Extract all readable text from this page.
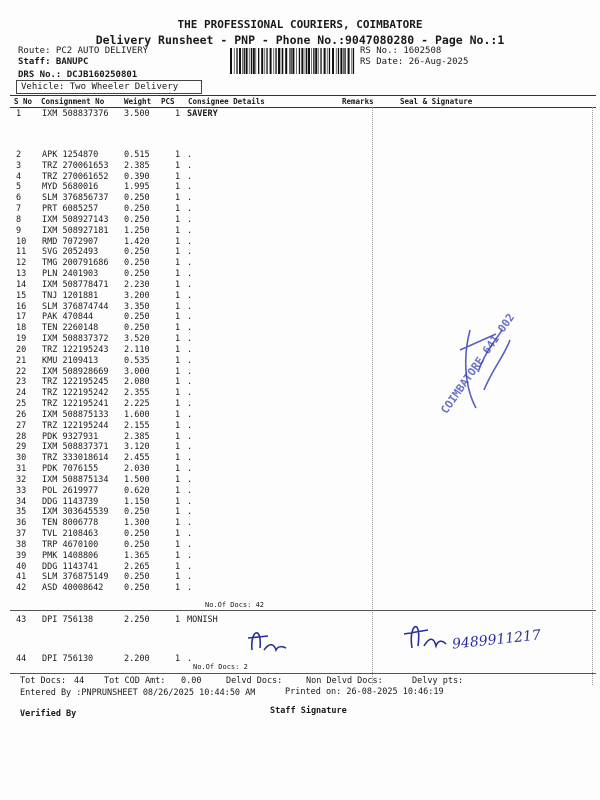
THE PROFESSIONAL COURIERS, COIMBATORE
Delivery Runsheet - PNP - Phone No.:9047080280 - Page No.:1
Route: PC2 AUTO DELIVERY
Staff: BANUPC
DRS No.: DCJB160250801
RS No.: 1602508
RS Date: 26-Aug-2025
Vehicle: Two Wheeler Delivery
S No Consignment No	Weight PCS Consignee Details	Remarks	Seal & Signature
1 IXM 508837376 3.500	1 SAVERY
2 APK 1254870	0.515	1 .
3 TRZ 270061653 2.385	1 .
4 TRZ 270061652 0.390	1 .
5 MYD 5680016	1.995	1 .
6 SLM 376856737 0.250	1 .
7 PRT 6085257	0.250	1 .
8 IXM 508927143 0.250	1 .
9 IXM 508927181 1.250	1 .
10 RMD 7072907	1.420	1 .
11 SVG 2052493	0.250	1 .
12 TMG 200791686 0.250	1 .
13 PLN 2401903	0.250	1 .
14 IXM 508778471 2.230	1 .
15 TNJ 1201881	3.200	1 .
16 SLM 376874744 3.350	1 .
17 PAK 470844	0.250	1 .
18 TEN 2260148	0.250	1 .
19 IXM 508837372 3.520	1 .
20 TRZ 122195243 2.110	1 .
21 KMU 2109413	0.535	1 .
22 IXM 508928669 3.000	1 .
23 TRZ 122195245 2.080	1 .
24 TRZ 122195242 2.355	1 .
25 TRZ 122195241 2.225	1 .
26 IXM 508875133 1.600	1 .
27 TRZ 122195244 2.155	1 .
28 PDK 9327931	2.385	1 .
29 IXM 508837371 3.120	1 .
30 TRZ 333018614 2.455	1 .
31 PDK 7076155	2.030	1 .
32 IXM 508875134 1.500	1 .
33 POL 2619977	0.620	1 .
34 DDG 1143739	1.150	1 .
35 IXM 303645539 0.250	1 .
36 TEN 8006778	1.300	1 .
37 TVL 2108463	0.250	1 .
38 TRP 4670100	0.250	1 .
39 PMK 1408806	1.365	1 .
40 DDG 1143741	2.265	1 .
41 SLM 376875149 0.250	1 .
42 ASD 40008642 0.250	1 .
No.Of Docs: 42
43 DPI 756138	2.250	1 MONISH
44 DPI 756130	2.200	1 .
No.Of Docs: 2
9489911217
COIMBATORE 641 002
Tot Docs: 44 Tot COD Amt: 0.00	Delvd Docs:	Non Delvd Docs:	Delvy pts:
Entered By :PNPRUNSHEET 08/26/2025 10:44:50 AM	Printed on: 26-08-2025 10:46:19
Verified By	Staff Signature
